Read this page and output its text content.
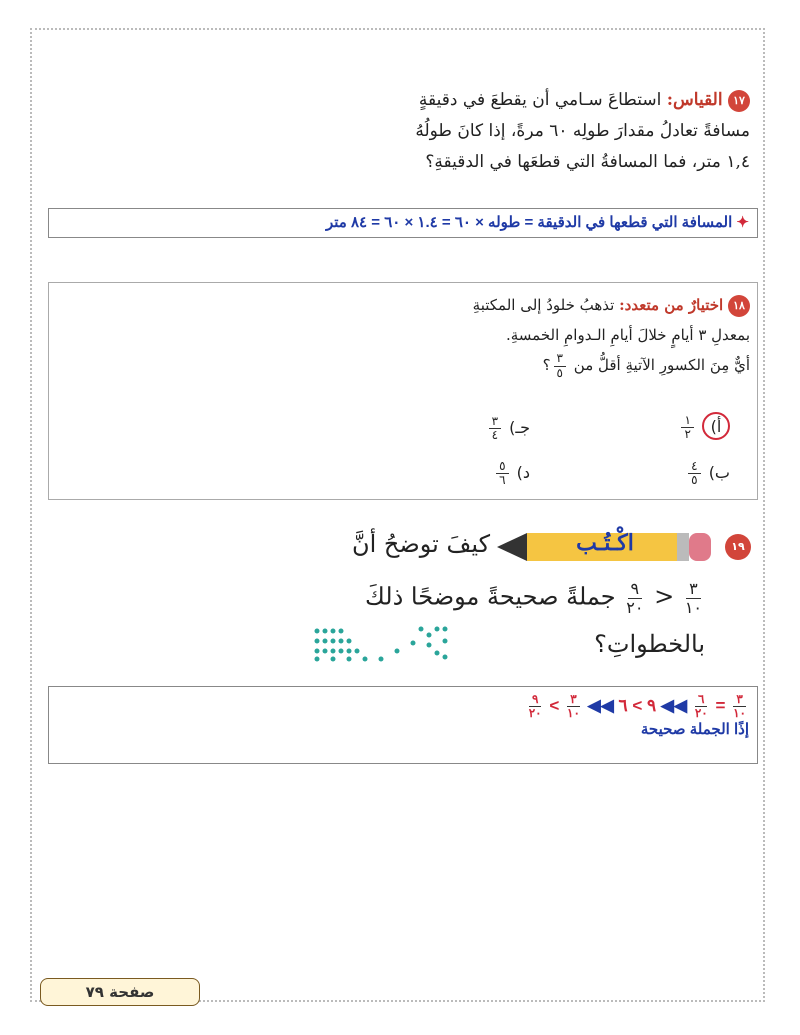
١٧ القياس: استطاعَ سـامي أن يقطعَ في دقيقةٍ
مسافةً تعادلُ مقدارَ طولِه ٦٠ مرةً، إذا كانَ طولُهُ
١,٤ متر، فما المسافةُ التي قطعَها في الدقيقةِ؟
✦ المسافة التي قطعها في الدقيقة = طوله × ٦٠ = ١.٤ × ٦٠ = ٨٤ متر
١٨ اختيارٌ من متعدد: تذهبُ خلودُ إلى المكتبةِ
بمعدلِ ٣ أيامٍ خلالَ أيامِ الـدوامِ الخمسةِ.
أيٌّ مِنَ الكسورِ الآتيةِ أقلُّ من
$\frac{٣}{٥}$
؟
أ)
$\frac{١}{٢}$
جـ)
$\frac{٣}{٤}$
ب)
$\frac{٤}{٥}$
د)
$\frac{٥}{٦}$
١٩
اكْـتُـب
كيفَ توضحُ أنَّ
$\frac{٣}{١٠}$
<
$\frac{٩}{٢٠}$
جملةً صحيحةً موضحًا ذلكَ
بالخطواتِ؟
$\frac{٣}{١٠}$
=
$\frac{٦}{٢٠}$
◀◀ ٩ > ٦ ◀◀
$\frac{٣}{١٠}$
>
$\frac{٩}{٢٠}$
إذًا الجملة صحيحة
صفحة ٧٩
